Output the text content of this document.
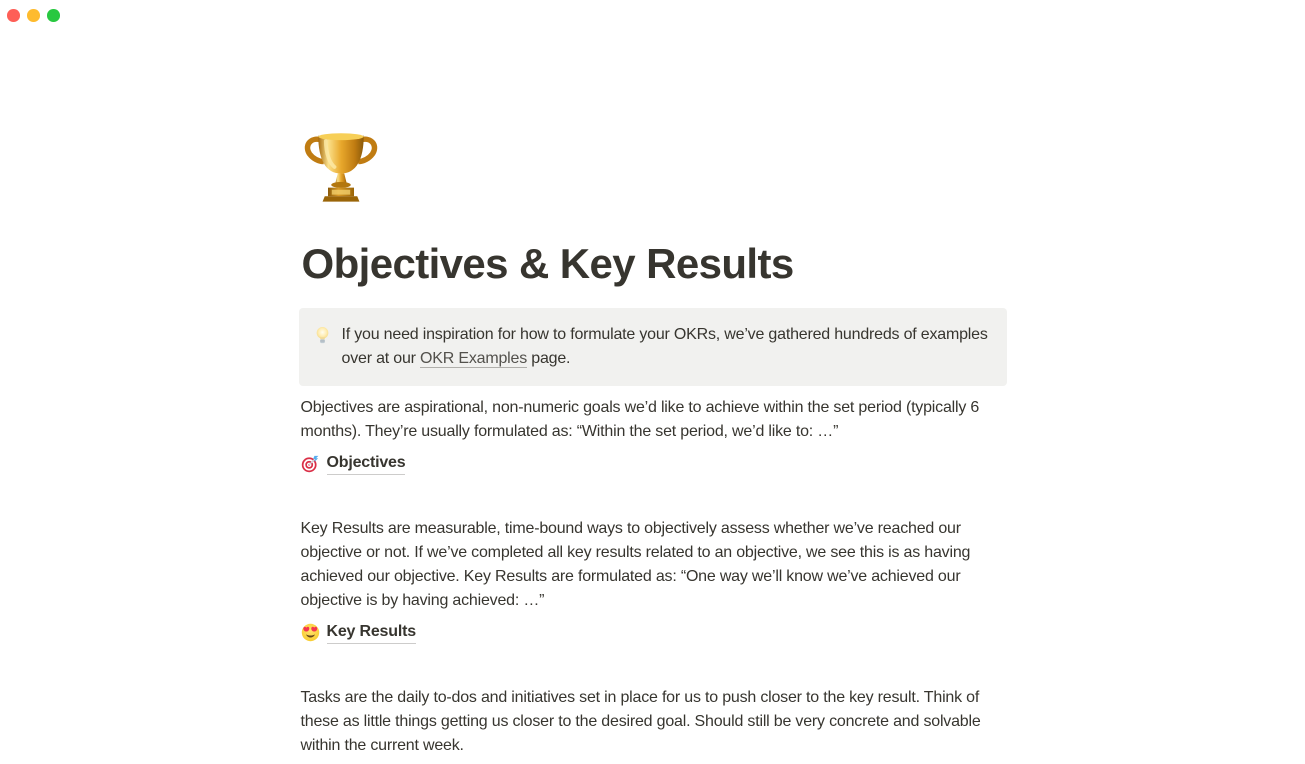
Objectives & Key Results
If you need inspiration for how to formulate your OKRs, we’ve gathered hundreds of examples over at our OKR Examples page.

Objectives are aspirational, non-numeric goals we’d like to achieve within the set period (typically 6 months). They’re usually formulated as: “Within the set period, we’d like to: …”

Objectives

Key Results are measurable, time-bound ways to objectively assess whether we’ve reached our objective or not. If we’ve completed all key results related to an objective, we see this is as having achieved our objective. Key Results are formulated as: “One way we’ll know we’ve achieved our objective is by having achieved: …”

Key Results

Tasks are the daily to-dos and initiatives set in place for us to push closer to the key result. Think of these as little things getting us closer to the desired goal. Should still be very concrete and solvable within the current week.
